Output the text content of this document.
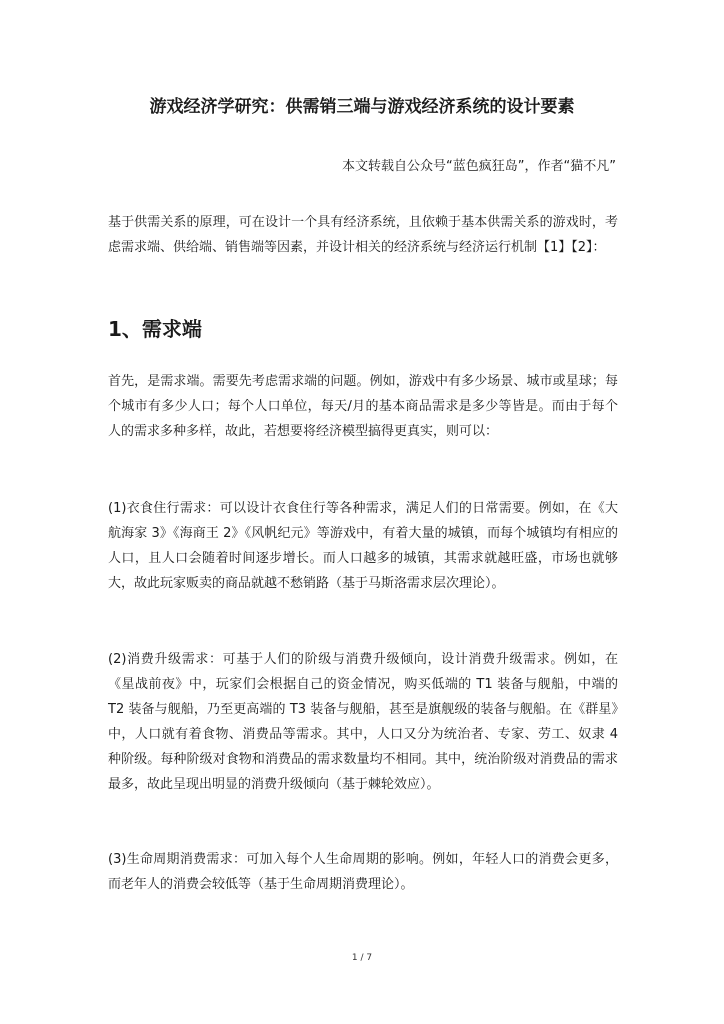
游戏经济学研究：供需销三端与游戏经济系统的设计要素
本文转载自公众号“蓝色疯狂岛”，作者“猫不凡”

基于供需关系的原理，可在设计一个具有经济系统，且依赖于基本供需关系的游戏时，考虑需求端、供给端、销售端等因素，并设计相关的经济系统与经济运行机制【1】【2】：

1、需求端

首先，是需求端。需要先考虑需求端的问题。例如，游戏中有多少场景、城市或星球；每个城市有多少人口；每个人口单位，每天/月的基本商品需求是多少等皆是。而由于每个人的需求多种多样，故此，若想要将经济模型搞得更真实，则可以：

(1)衣食住行需求：可以设计衣食住行等各种需求，满足人们的日常需要。例如，在《大航海家 3》《海商王 2》《风帆纪元》等游戏中，有着大量的城镇，而每个城镇均有相应的人口，且人口会随着时间逐步增长。而人口越多的城镇，其需求就越旺盛，市场也就够大，故此玩家贩卖的商品就越不愁销路（基于马斯洛需求层次理论）。

(2)消费升级需求：可基于人们的阶级与消费升级倾向，设计消费升级需求。例如，在《星战前夜》中，玩家们会根据自己的资金情况，购买低端的 T1 装备与舰船，中端的 T2 装备与舰船，乃至更高端的 T3 装备与舰船，甚至是旗舰级的装备与舰船。在《群星》中，人口就有着食物、消费品等需求。其中，人口又分为统治者、专家、劳工、奴隶 4 种阶级。每种阶级对食物和消费品的需求数量均不相同。其中，统治阶级对消费品的需求最多，故此呈现出明显的消费升级倾向（基于棘轮效应）。

(3)生命周期消费需求：可加入每个人生命周期的影响。例如，年轻人口的消费会更多，而老年人的消费会较低等（基于生命周期消费理论）。

1 / 7
